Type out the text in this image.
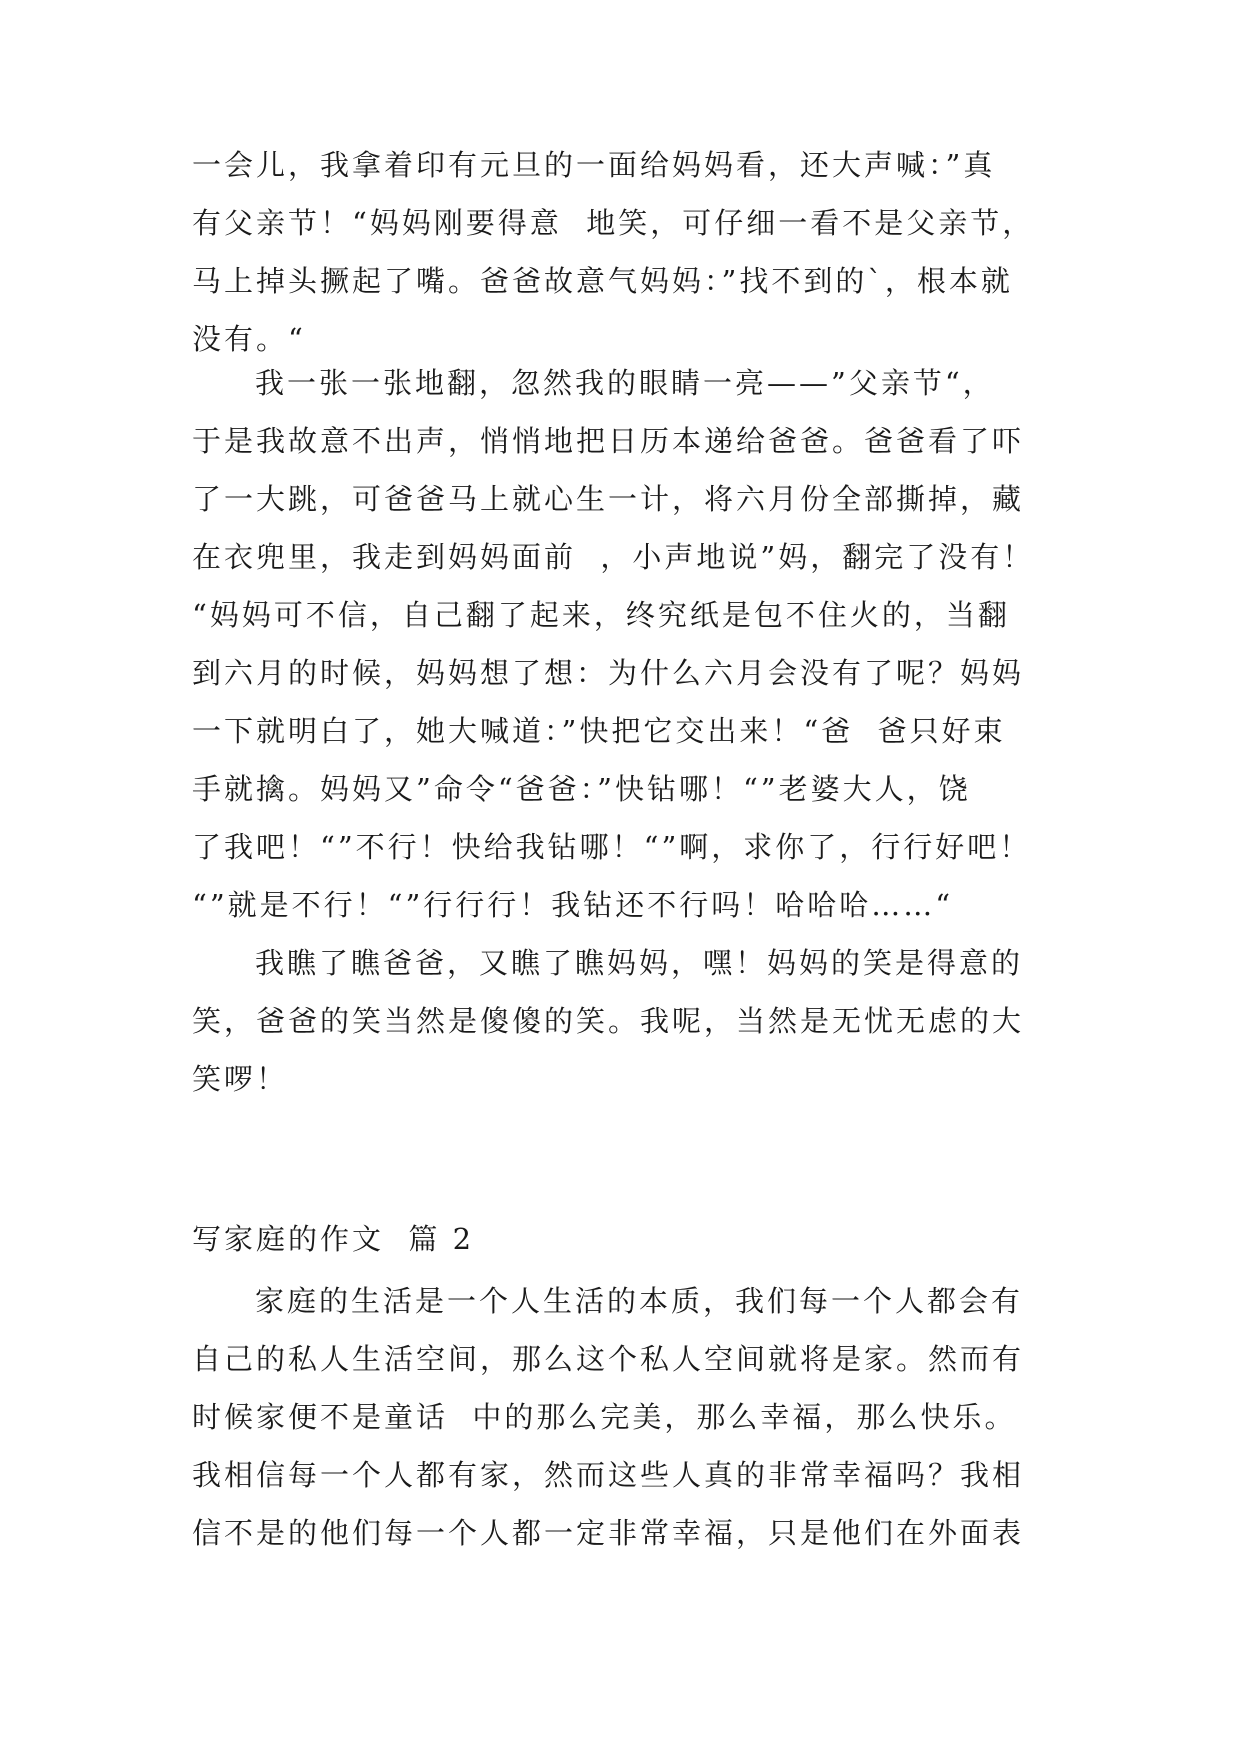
一会儿，我拿着印有元旦的一面给妈妈看，还大声喊：”真
有父亲节！“妈妈刚要得意  地笑，可仔细一看不是父亲节，
马上掉头撅起了嘴。爸爸故意气妈妈：”找不到的`，根本就
没有。“
我一张一张地翻，忽然我的眼睛一亮——”父亲节“，
于是我故意不出声，悄悄地把日历本递给爸爸。爸爸看了吓
了一大跳，可爸爸马上就心生一计，将六月份全部撕掉，藏
在衣兜里，我走到妈妈面前  ，小声地说”妈，翻完了没有！
“妈妈可不信，自己翻了起来，终究纸是包不住火的，当翻
到六月的时候，妈妈想了想：为什么六月会没有了呢？妈妈
一下就明白了，她大喊道：”快把它交出来！“爸  爸只好束
手就擒。妈妈又”命令“爸爸：”快钻哪！“”老婆大人，饶
了我吧！“”不行！快给我钻哪！“”啊，求你了，行行好吧！
“”就是不行！“”行行行！我钻还不行吗！哈哈哈……“
我瞧了瞧爸爸，又瞧了瞧妈妈，嘿！妈妈的笑是得意的
笑，爸爸的笑当然是傻傻的笑。我呢，当然是无忧无虑的大
笑啰！
写家庭的作文  篇 2
家庭的生活是一个人生活的本质，我们每一个人都会有
自己的私人生活空间，那么这个私人空间就将是家。然而有
时候家便不是童话  中的那么完美，那么幸福，那么快乐。
我相信每一个人都有家，然而这些人真的非常幸福吗？我相
信不是的他们每一个人都一定非常幸福，只是他们在外面表
